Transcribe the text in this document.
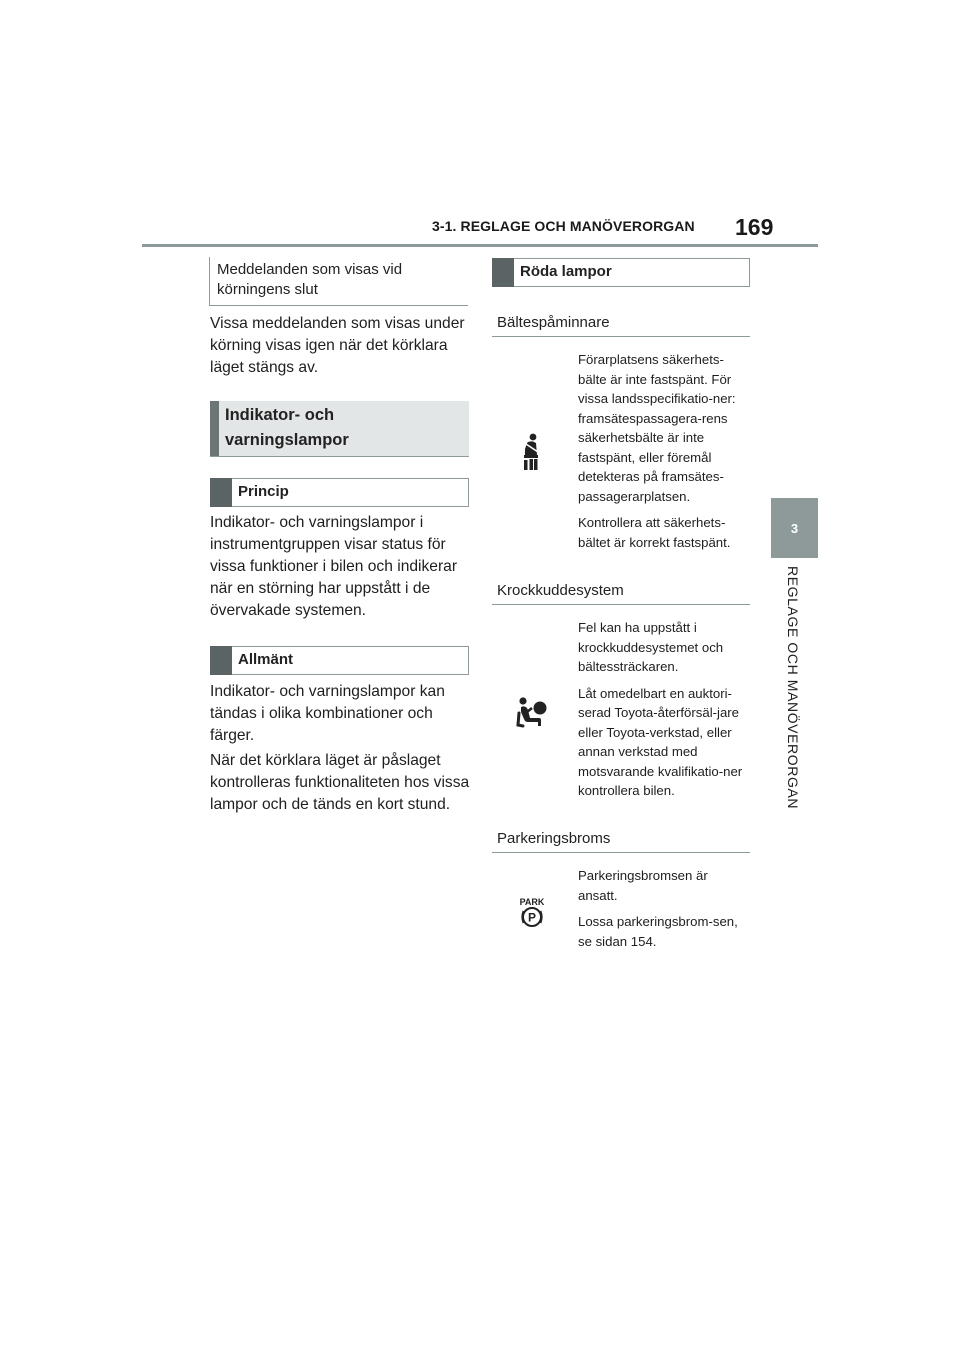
3-1. REGLAGE OCH MANÖVERORGAN 169
3
REGLAGE OCH MANÖVERORGAN
Meddelanden som visas vid körningens slut
Vissa meddelanden som visas under körning visas igen när det körklara läget stängs av.
Indikator- och varningslampor
Princip
Indikator- och varningslampor i instrumentgruppen visar status för vissa funktioner i bilen och indikerar när en störning har uppstått i de övervakade systemen.
Allmänt
Indikator- och varningslampor kan tändas i olika kombinationer och färger.
När det körklara läget är påslaget kontrolleras funktionaliteten hos vissa lampor och de tänds en kort stund.
Röda lampor
Bältespåminnare

Förarplatsens säkerhets-bälte är inte fastspänt. För vissa landsspecifikatio-ner: framsätespassagera-rens säkerhetsbälte är inte fastspänt, eller föremål detekteras på framsätes-passagerarplatsen.

Kontrollera att säkerhets-bältet är korrekt fastspänt.

Krockkuddesystem

Fel kan ha uppstått i krockkuddesystemet och bältessträckaren.

Låt omedelbart en auktori-serad Toyota-återförsäl-jare eller Toyota-verkstad, eller annan verkstad med motsvarande kvalifikatio-ner kontrollera bilen.

Parkeringsbroms
PARK
P

Parkeringsbromsen är ansatt.

Lossa parkeringsbrom-sen, se sidan 154.
